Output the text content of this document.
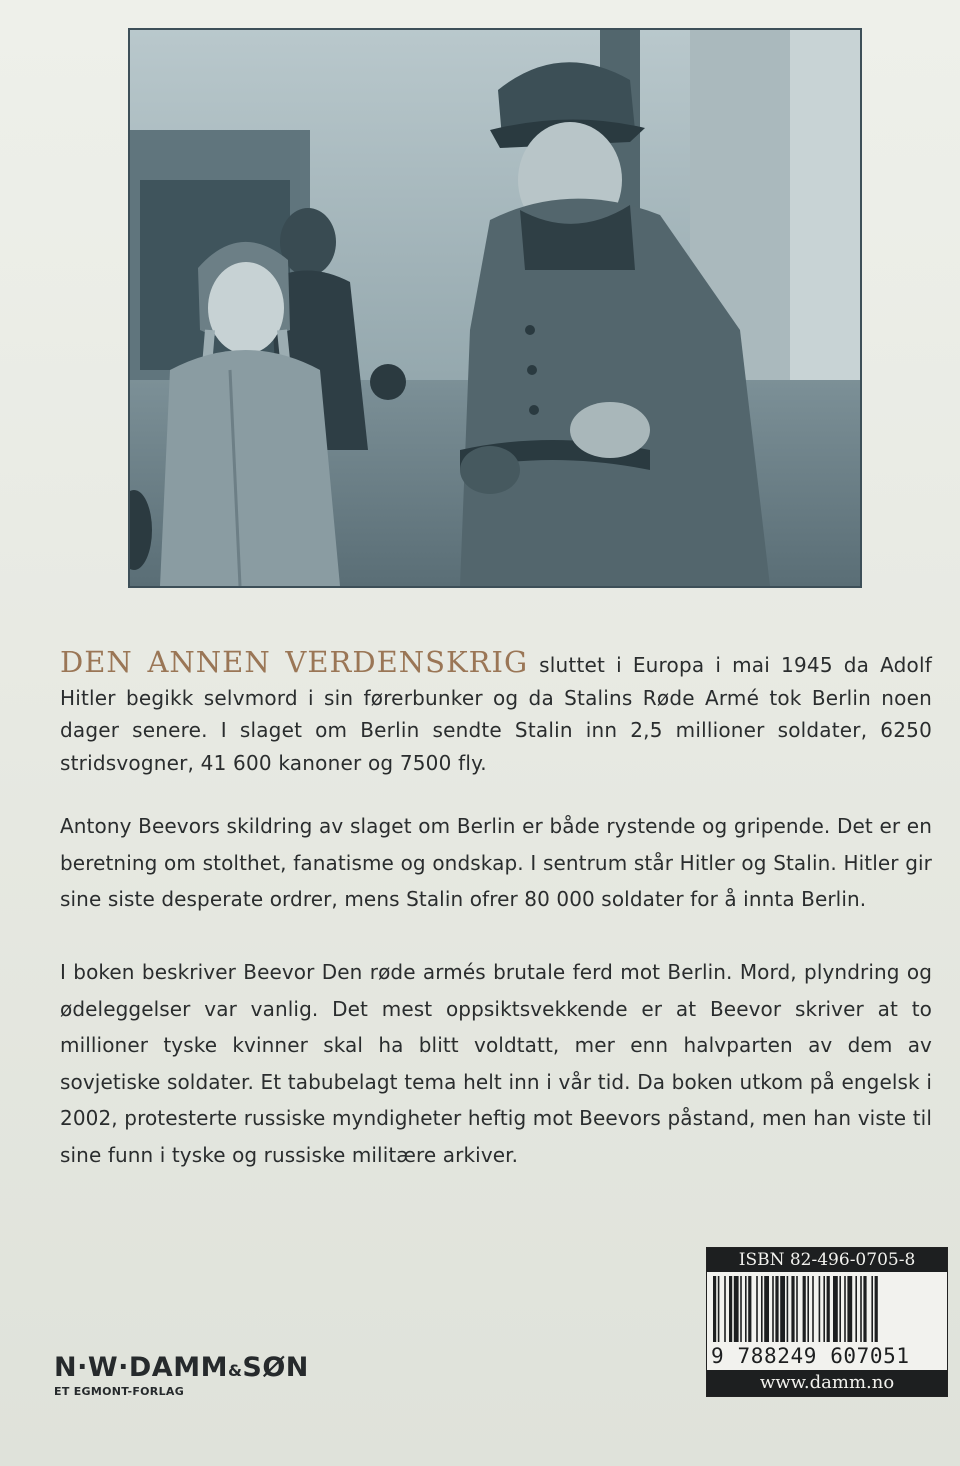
DEN ANNEN VERDENSKRIG sluttet i Europa i mai 1945 da Adolf Hitler begikk selvmord i sin førerbunker og da Stalins Røde Armé tok Berlin noen dager senere. I slaget om Berlin sendte Stalin inn 2,5 millioner soldater, 6250 stridsvogner, 41 600 kanoner og 7500 fly.

Antony Beevors skildring av slaget om Berlin er både rystende og gripende. Det er en beretning om stolthet, fanatisme og ondskap. I sentrum står Hitler og Stalin. Hitler gir sine siste desperate ordrer, mens Stalin ofrer 80 000 soldater for å innta Berlin.

I boken beskriver Beevor Den røde armés brutale ferd mot Berlin. Mord, plyndring og ødeleggelser var vanlig. Det mest oppsiktsvekkende er at Beevor skriver at to millioner tyske kvinner skal ha blitt voldtatt, mer enn halvparten av dem av sovjetiske soldater. Et tabubelagt tema helt inn i vår tid. Da boken utkom på engelsk i 2002, protesterte russiske myndigheter heftig mot Beevors påstand, men han viste til sine funn i tyske og russiske militære arkiver.

N·W·DAMM&SØN
ET EGMONT-FORLAG
ISBN 82-496-0705-8
9 788249 607051
www.damm.no
